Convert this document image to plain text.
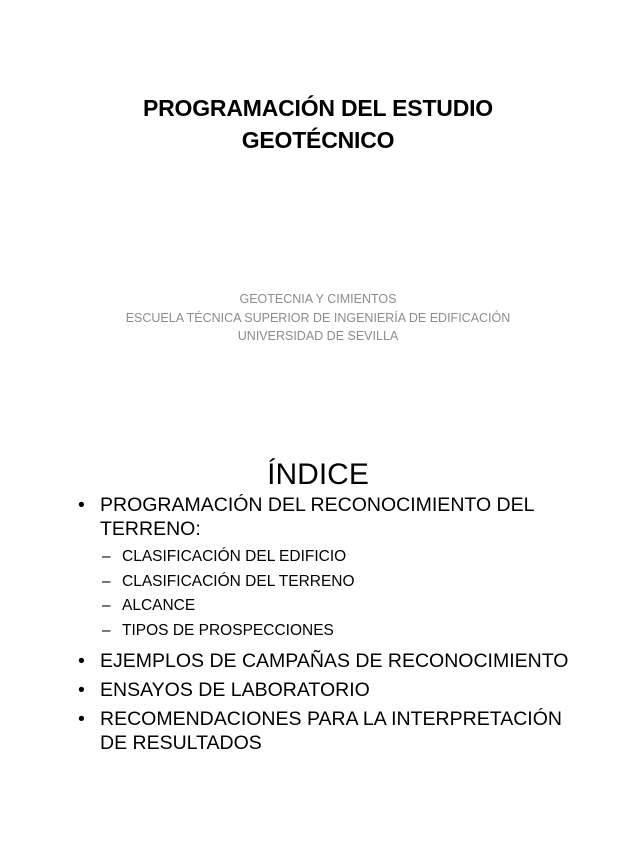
PROGRAMACIÓN DEL ESTUDIO
GEOTÉCNICO
GEOTECNIA Y CIMIENTOS
ESCUELA TÉCNICA SUPERIOR DE INGENIERÍA DE EDIFICACIÓN
UNIVERSIDAD DE SEVILLA
ÍNDICE
• PROGRAMACIÓN DEL RECONOCIMIENTO DEL TERRENO:
– CLASIFICACIÓN DEL EDIFICIO
– CLASIFICACIÓN DEL TERRENO
– ALCANCE
– TIPOS DE PROSPECCIONES
• EJEMPLOS DE CAMPAÑAS DE RECONOCIMIENTO
• ENSAYOS DE LABORATORIO
• RECOMENDACIONES PARA LA INTERPRETACIÓN DE RESULTADOS
